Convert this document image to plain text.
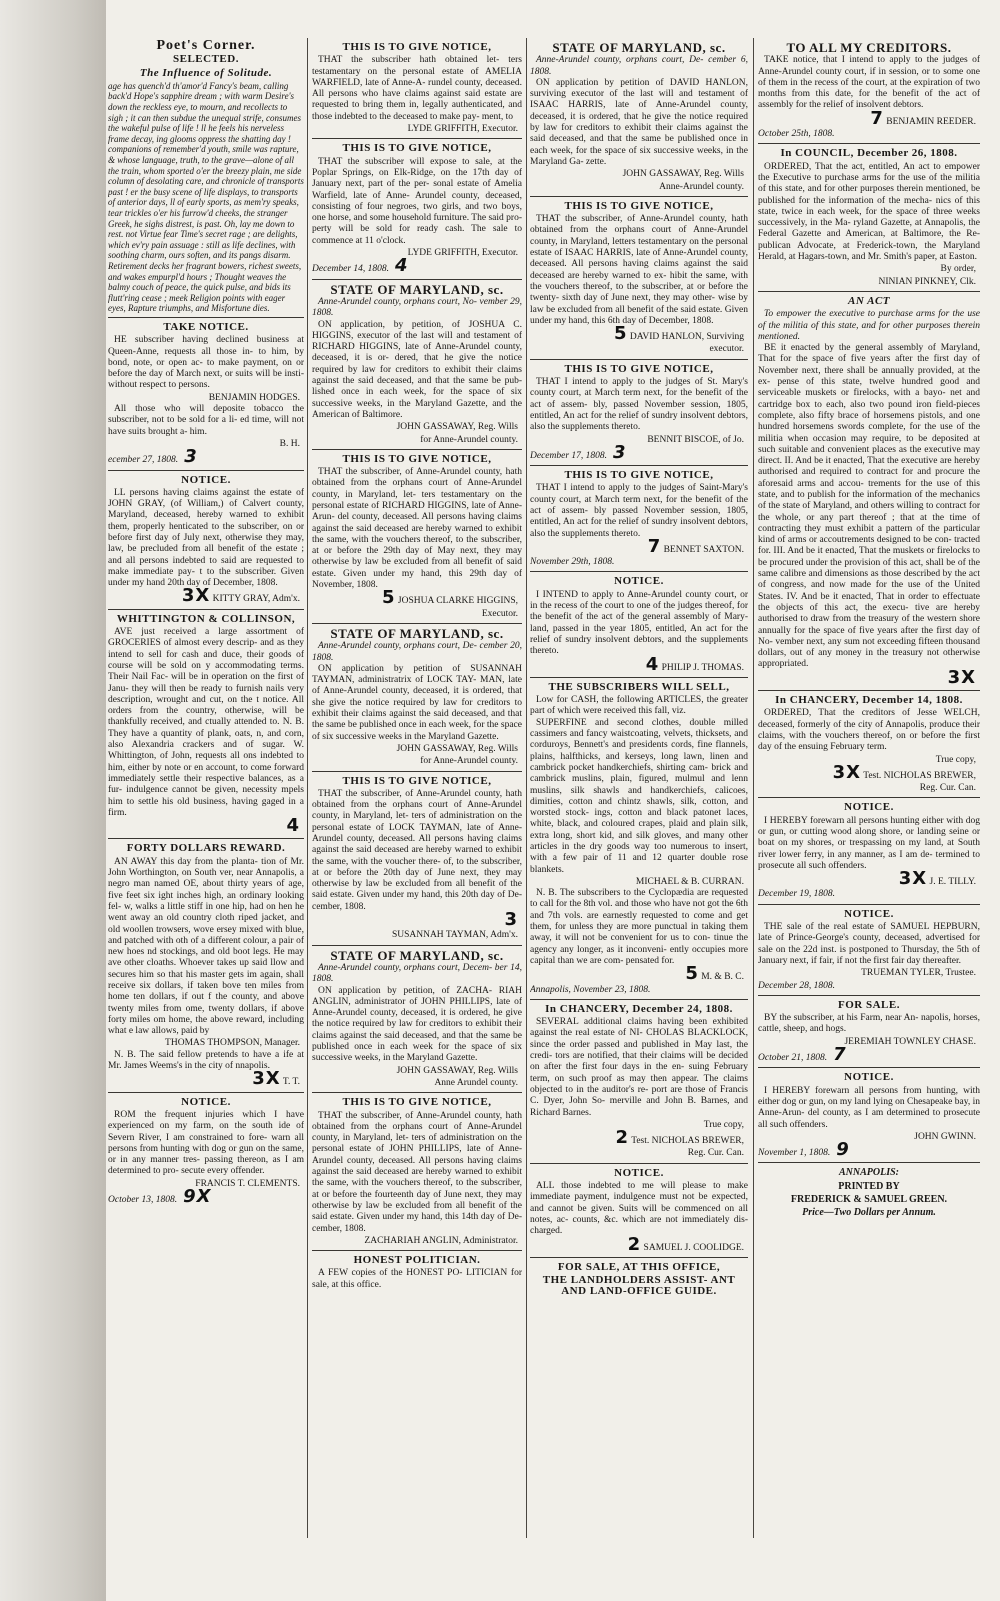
Poet's Corner.
SELECTED.
The Influence of Solitude.

age has quench'd th'amor'd Fancy's beam, calling back'd Hope's sapphire dream ; with warm Desire's down the reckless eye, to mourn, and recollects to sigh ; it can then subdue the unequal strife, consumes the wakeful pulse of life ! ll he feels his nerveless frame decay, ing glooms oppress the shatting day ! companions of remember'd youth, smile was rapture, & whose language, truth, to the grave—alone of all the train, whom sported o'er the breezy plain, me side column of desolating care, and chronicle of transports past ! er the busy scene of life displays, to transports of anterior days, ll of early sports, as mem'ry speaks, tear trickles o'er his furrow'd cheeks, the stranger Greek, he sighs distrest, is past. Oh, lay me down to rest. not Virtue fear Time's secret rage ; are delights, which ev'ry pain assuage : still as life declines, with soothing charm, ours soften, and its pangs disarm. Retirement decks her fragrant bowers, richest sweets, and wakes empurpl'd hours ; Thought weaves the balmy couch of peace, the quick pulse, and bids its flutt'ring cease ; meek Religion points with eager eyes, Rapture triumphs, and Misfortune dies.

TAKE NOTICE.

HE subscriber having declined business at Queen-Anne, requests all those in- to him, by bond, note, or open ac- to make payment, on or before the day of March next, or suits will be insti- without respect to persons.

BENJAMIN HODGES.

All those who will deposite tobacco the subscriber, not to be sold for a li- ed time, will not have suits brought a- him.

B. H.
ecember 27, 1808. 3
NOTICE.

LL persons having claims against the estate of JOHN GRAY, (of William,) of Calvert county, Maryland, deceased, hereby warned to exhibit them, properly henticated to the subscriber, on or before first day of July next, otherwise they may, law, be precluded from all benefit of the estate ; and all persons indebted to said are requested to make immediate pay- t to the subscriber. Given under my hand 20th day of December, 1808.

3X KITTY GRAY, Adm'x.
WHITTINGTON & COLLINSON,

AVE just received a large assortment of GROCERIES of almost every descrip- and as they intend to sell for cash and duce, their goods of course will be sold on y accommodating terms. Their Nail Fac- will be in operation on the first of Janu- they will then be ready to furnish nails very description, wrought and cut, on the t notice. All orders from the country, otherwise, will be thankfully received, and ctually attended to. N. B. They have a quantity of plank, oats, n, and corn, also Alexandria crackers and of sugar. W. Whittington, of John, requests all ons indebted to him, either by note or en account, to come forward immediately settle their respective balances, as a fur- indulgence cannot be given, necessity mpels him to settle his old business, having gaged in a firm.

4
FORTY DOLLARS REWARD.

AN AWAY this day from the planta- tion of Mr. John Worthington, on South ver, near Annapolis, a negro man named OE, about thirty years of age, five feet six ight inches high, an ordinary looking fel- w, walks a little stiff in one hip, had on hen he went away an old country cloth riped jacket, and old woollen trowsers, wove ersey mixed with blue, and patched with oth of a different colour, a pair of new hoes nd stockings, and old boot legs. He may ave other cloaths. Whoever takes up said llow and secures him so that his master gets im again, shall receive six dollars, if taken bove ten miles from home ten dollars, if out f the county, and above twenty miles from ome, twenty dollars, if above forty miles om home, the above reward, including what e law allows, paid by

THOMAS THOMPSON, Manager.

N. B. The said fellow pretends to have a ife at Mr. James Weems's in the city of nnapolis.

3X T. T.
NOTICE.

ROM the frequent injuries which I have experienced on my farm, on the south ide of Severn River, I am constrained to fore- warn all persons from hunting with dog or gun on the same, or in any manner tres- passing thereon, as I am determined to pro- secute every offender.

FRANCIS T. CLEMENTS.
October 13, 1808. 9X
THIS IS TO GIVE NOTICE,

THAT the subscriber hath obtained let- ters testamentary on the personal estate of AMELIA WARFIELD, late of Anne-A- rundel county, deceased. All persons who have claims against said estate are requested to bring them in, legally authenticated, and those indebted to the deceased to make pay- ment, to

LYDE GRIFFITH, Executor.
THIS IS TO GIVE NOTICE,

THAT the subscriber will expose to sale, at the Poplar Springs, on Elk-Ridge, on the 17th day of January next, part of the per- sonal estate of Amelia Warfield, late of Anne- Arundel county, deceased, consisting of four negroes, two girls, and two boys, one horse, and some household furniture. The said pro- perty will be sold for ready cash. The sale to commence at 11 o'clock.

LYDE GRIFFITH, Executor.
December 14, 1808. 4
STATE OF MARYLAND, sc.

Anne-Arundel county, orphans court, No- vember 29, 1808.

ON application, by petition, of JOSHUA C. HIGGINS, executor of the last will and testament of RICHARD HIGGINS, late of Anne-Arundel county, deceased, it is or- dered, that he give the notice required by law for creditors to exhibit their claims against the said deceased, and that the same be pub- lished once in each week, for the space of six successive weeks, in the Maryland Gazette, and the American of Baltimore.

JOHN GASSAWAY, Reg. Wills
for Anne-Arundel county.
THIS IS TO GIVE NOTICE,

THAT the subscriber, of Anne-Arundel county, hath obtained from the orphans court of Anne-Arundel county, in Maryland, let- ters testamentary on the personal estate of RICHARD HIGGINS, late of Anne-Arun- del county, deceased. All persons having claims against the said deceased are hereby warned to exhibit the same, with the vouchers thereof, to the subscriber, at or before the 29th day of May next, they may otherwise by law be excluded from all benefit of said estate. Given under my hand, this 29th day of November, 1808.

5 JOSHUA CLARKE HIGGINS,
Executor.
STATE OF MARYLAND, sc.

Anne-Arundel county, orphans court, De- cember 20, 1808.

ON application by petition of SUSANNAH TAYMAN, administratrix of LOCK TAY- MAN, late of Anne-Arundel county, deceased, it is ordered, that she give the notice required by law for creditors to exhibit their claims against the said deceased, and that the same be published once in each week, for the space of six successive weeks in the Maryland Gazette.

JOHN GASSAWAY, Reg. Wills
for Anne-Arundel county.
THIS IS TO GIVE NOTICE,

THAT the subscriber, of Anne-Arundel county, hath obtained from the orphans court of Anne-Arundel county, in Maryland, let- ters of administration on the personal estate of LOCK TAYMAN, late of Anne-Arundel county, deceased. All persons having claims against the said deceased are hereby warned to exhibit the same, with the voucher there- of, to the subscriber, at or before the 20th day of June next, they may otherwise by law be excluded from all benefit of the said estate. Given under my hand, this 20th day of De- cember, 1808.

3
SUSANNAH TAYMAN, Adm'x.
STATE OF MARYLAND, sc.

Anne-Arundel county, orphans court, Decem- ber 14, 1808.

ON application by petition, of ZACHA- RIAH ANGLIN, administrator of JOHN PHILLIPS, late of Anne-Arundel county, deceased, it is ordered, he give the notice required by law for creditors to exhibit their claims against the said deceased, and that the same be published once in each week for the space of six successive weeks, in the Maryland Gazette.

JOHN GASSAWAY, Reg. Wills
Anne Arundel county.
THIS IS TO GIVE NOTICE,

THAT the subscriber, of Anne-Arundel county, hath obtained from the orphans court of Anne-Arundel county, in Maryland, let- ters of administration on the personal estate of JOHN PHILLIPS, late of Anne-Arundel county, deceased. All persons having claims against the said deceased are hereby warned to exhibit the same, with the vouchers thereof, to the subscriber, at or before the fourteenth day of June next, they may otherwise by law be excluded from all benefit of the said estate. Given under my hand, this 14th day of De- cember, 1808.

ZACHARIAH ANGLIN, Administrator.
HONEST POLITICIAN.

A FEW copies of the HONEST PO- LITICIAN for sale, at this office.

STATE OF MARYLAND, sc.

Anne-Arundel county, orphans court, De- cember 6, 1808.

ON application by petition of DAVID HANLON, surviving executor of the last will and testament of ISAAC HARRIS, late of Anne-Arundel county, deceased, it is ordered, that he give the notice required by law for creditors to exhibit their claims against the said deceased, and that the same be published once in each week, for the space of six successive weeks, in the Maryland Ga- zette.

JOHN GASSAWAY, Reg. Wills
Anne-Arundel county.
THIS IS TO GIVE NOTICE,

THAT the subscriber, of Anne-Arundel county, hath obtained from the orphans court of Anne-Arundel county, in Maryland, letters testamentary on the personal estate of ISAAC HARRIS, late of Anne-Arundel county, deceased. All persons having claims against the said deceased are hereby warned to ex- hibit the same, with the vouchers thereof, to the subscriber, at or before the twenty- sixth day of June next, they may other- wise by law be excluded from all benefit of the said estate. Given under my hand, this 6th day of December, 1808.

5 DAVID HANLON, Surviving
executor.
THIS IS TO GIVE NOTICE,

THAT I intend to apply to the judges of St. Mary's county court, at March term next, for the benefit of the act of assem- bly, passed November session, 1805, entitled, An act for the relief of sundry insolvent debtors, also the supplements thereto.

BENNIT BISCOE, of Jo.
December 17, 1808. 3
THIS IS TO GIVE NOTICE,

THAT I intend to apply to the judges of Saint-Mary's county court, at March term next, for the benefit of the act of assem- bly passed November session, 1805, entitled, An act for the relief of sundry insolvent debtors, also the supplements thereto.

7 BENNET SAXTON.
November 29th, 1808.
NOTICE.

I INTEND to apply to Anne-Arundel county court, or in the recess of the court to one of the judges thereof, for the benefit of the act of the general assembly of Mary- land, passed in the year 1805, entitled, An act for the relief of sundry insolvent debtors, and the supplements thereto.

4 PHILIP J. THOMAS.
THE SUBSCRIBERS WILL SELL,

Low for CASH, the following ARTICLES, the greater part of which were received this fall, viz.

SUPERFINE and second clothes, double milled cassimers and fancy waistcoating, velvets, thicksets, and corduroys, Bennett's and presidents cords, fine flannels, plains, halfthicks, and kerseys, long lawn, linen and cambrick pocket handkerchiefs, shirting cam- brick and cambrick muslins, plain, figured, mulmul and lenn muslins, silk shawls and handkerchiefs, calicoes, dimities, cotton and chintz shawls, silk, cotton, and worsted stock- ings, cotton and black patonet laces, white, black, and coloured crapes, plaid and plain silk, extra long, short kid, and silk gloves, and many other articles in the dry goods way too numerous to insert, with a few pair of 11 and 12 quarter double rose blankets.

MICHAEL & B. CURRAN.

N. B. The subscribers to the Cyclopædia are requested to call for the 8th vol. and those who have not got the 6th and 7th vols. are earnestly requested to come and get them, for unless they are more punctual in taking them away, it will not be convenient for us to con- tinue the agency any longer, as it inconveni- ently occupies more capital than we are com- pensated for.

5 M. & B. C.
Annapolis, November 23, 1808.
In CHANCERY, December 24, 1808.

SEVERAL additional claims having been exhibited against the real estate of NI- CHOLAS BLACKLOCK, since the order passed and published in May last, the credi- tors are notified, that their claims will be decided on after the first four days in the en- suing February term, on such proof as may then appear. The claims objected to in the auditor's re- port are those of Francis C. Dyer, John So- merville and John B. Barnes, and Richard Barnes.

True copy,
2 Test. NICHOLAS BREWER,
Reg. Cur. Can.
NOTICE.

ALL those indebted to me will please to make immediate payment, indulgence must not be expected, and cannot be given. Suits will be commenced on all notes, ac- counts, &c. which are not immediately dis- charged.

2 SAMUEL J. COOLIDGE.
FOR SALE, AT THIS OFFICE,
THE LANDHOLDERS ASSIST- ANT AND LAND-OFFICE GUIDE.
TO ALL MY CREDITORS.

TAKE notice, that I intend to apply to the judges of Anne-Arundel county court, if in session, or to some one of them in the recess of the court, at the expiration of two months from this date, for the benefit of the act of assembly for the relief of insolvent debtors.

7 BENJAMIN REEDER.
October 25th, 1808.
In COUNCIL, December 26, 1808.

ORDERED, That the act, entitled, An act to empower the Executive to purchase arms for the use of the militia of this state, and for other purposes therein mentioned, be published for the information of the mecha- nics of this state, twice in each week, for the space of three weeks successively, in the Ma- ryland Gazette, at Annapolis, the Federal Gazette and American, at Baltimore, the Re- publican Advocate, at Frederick-town, the Maryland Herald, at Hagars-town, and Mr. Smith's paper, at Easton.

By order,
NINIAN PINKNEY, Clk.
AN ACT

To empower the executive to purchase arms for the use of the militia of this state, and for other purposes therein mentioned.

BE it enacted by the general assembly of Maryland, That for the space of five years after the first day of November next, there shall be annually provided, at the ex- pense of this state, twelve hundred good and serviceable muskets or firelocks, with a bayo- net and cartridge box to each, also two pound iron field-pieces complete, also fifty brace of horsemens pistols, and one hundred horsemens swords complete, for the use of the militia when occasion may require, to be deposited at such suitable and convenient places as the executive may direct. II. And be it enacted, That the executive are hereby authorised and required to contract for and procure the aforesaid arms and accou- trements for the use of this state, and to publish for the information of the mechanics of the state of Maryland, and others willing to contract for the whole, or any part thereof ; that at the time of contracting they must exhibit a pattern of the particular kind of arms or accoutrements designed to be con- tracted for. III. And be it enacted, That the muskets or firelocks to be procured under the provision of this act, shall be of the same calibre and dimensions as those described by the act of congress, and now made for the use of the United States. IV. And be it enacted, That in order to effectuate the objects of this act, the execu- tive are hereby authorised to draw from the treasury of the western shore annually for the space of five years after the first day of No- vember next, any sum not exceeding fifteen thousand dollars, out of any money in the treasury not otherwise appropriated.

3X
In CHANCERY, December 14, 1808.

ORDERED, That the creditors of Jesse WELCH, deceased, formerly of the city of Annapolis, produce their claims, with the vouchers thereof, on or before the first day of the ensuing February term.

True copy,
3X Test. NICHOLAS BREWER,
Reg. Cur. Can.
NOTICE.

I HEREBY forewarn all persons hunting either with dog or gun, or cutting wood along shore, or landing seine or boat on my shores, or trespassing on my land, at South river lower ferry, in any manner, as I am de- termined to prosecute all such offenders.

3X J. E. TILLY.
December 19, 1808.
NOTICE.

THE sale of the real estate of SAMUEL HEPBURN, late of Prince-George's county, deceased, advertised for sale on the 22d inst. is postponed to Thursday, the 5th of January next, if fair, if not the first fair day thereafter.

TRUEMAN TYLER, Trustee.
December 28, 1808.
FOR SALE.

BY the subscriber, at his Farm, near An- napolis, horses, cattle, sheep, and hogs.

JEREMIAH TOWNLEY CHASE.
October 21, 1808. 7
NOTICE.

I HEREBY forewarn all persons from hunting, with either dog or gun, on my land lying on Chesapeake bay, in Anne-Arun- del county, as I am determined to prosecute all such offenders.

JOHN GWINN.
November 1, 1808. 9
ANNAPOLIS:
PRINTED BY
FREDERICK & SAMUEL GREEN.
Price—Two Dollars per Annum.
